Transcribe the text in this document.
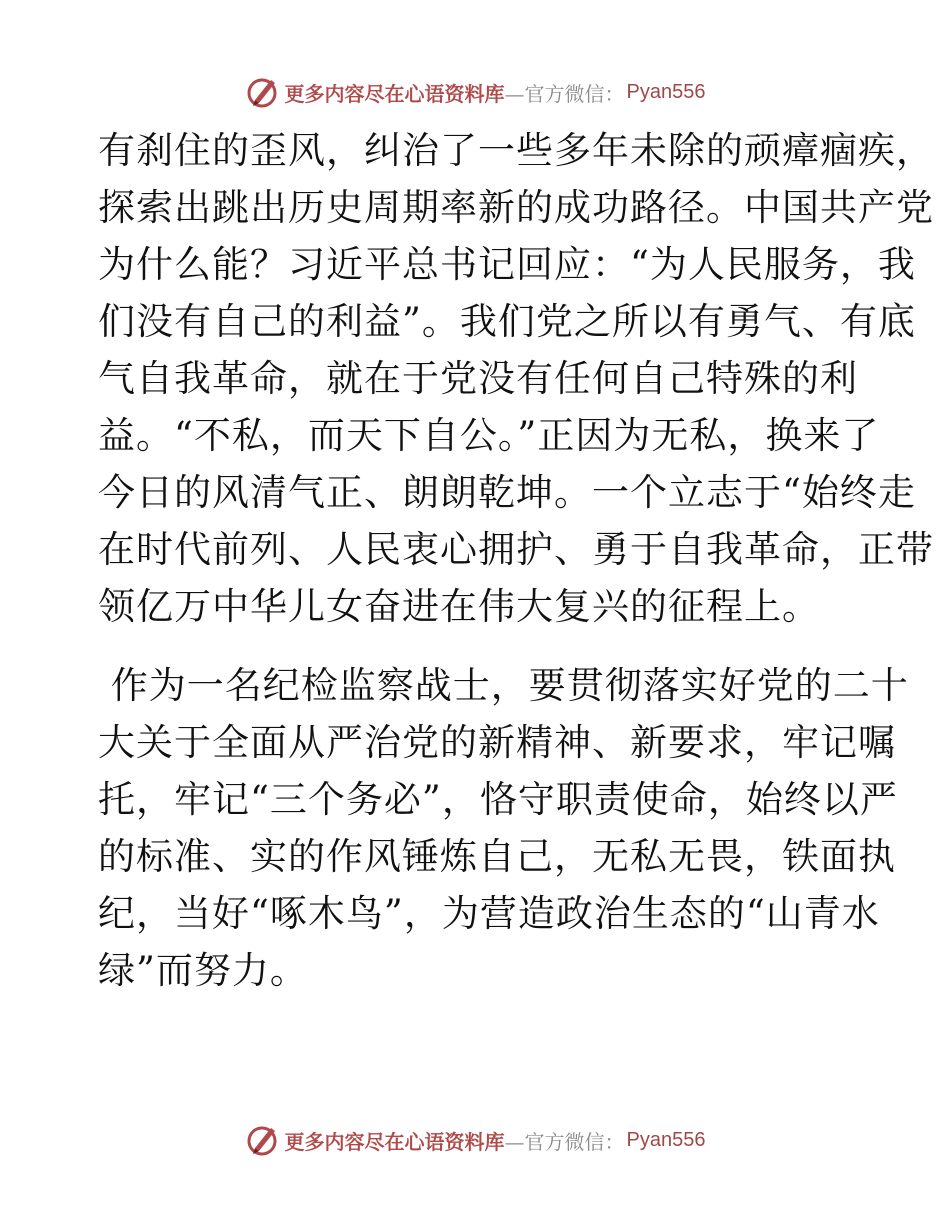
更多内容尽在心语资料库 —官方微信： Pyan556
有刹住的歪风，纠治了一些多年未除的顽瘴痼疾，
探索出跳出历史周期率新的成功路径。中国共产党
为什么能？习近平总书记回应：“为人民服务，我
们没有自己的利益”。我们党之所以有勇气、有底
气自我革命，就在于党没有任何自己特殊的利
益。“不私，而天下自公。”正因为无私，换来了
今日的风清气正、朗朗乾坤。一个立志于“始终走
在时代前列、人民衷心拥护、勇于自我革命，正带
领亿万中华儿女奋进在伟大复兴的征程上。
作为一名纪检监察战士，要贯彻落实好党的二十
大关于全面从严治党的新精神、新要求，牢记嘱
托，牢记“三个务必”，恪守职责使命，始终以严
的标准、实的作风锤炼自己，无私无畏，铁面执
纪，当好“啄木鸟”，为营造政治生态的“山青水
绿”而努力。
更多内容尽在心语资料库 —官方微信： Pyan556
